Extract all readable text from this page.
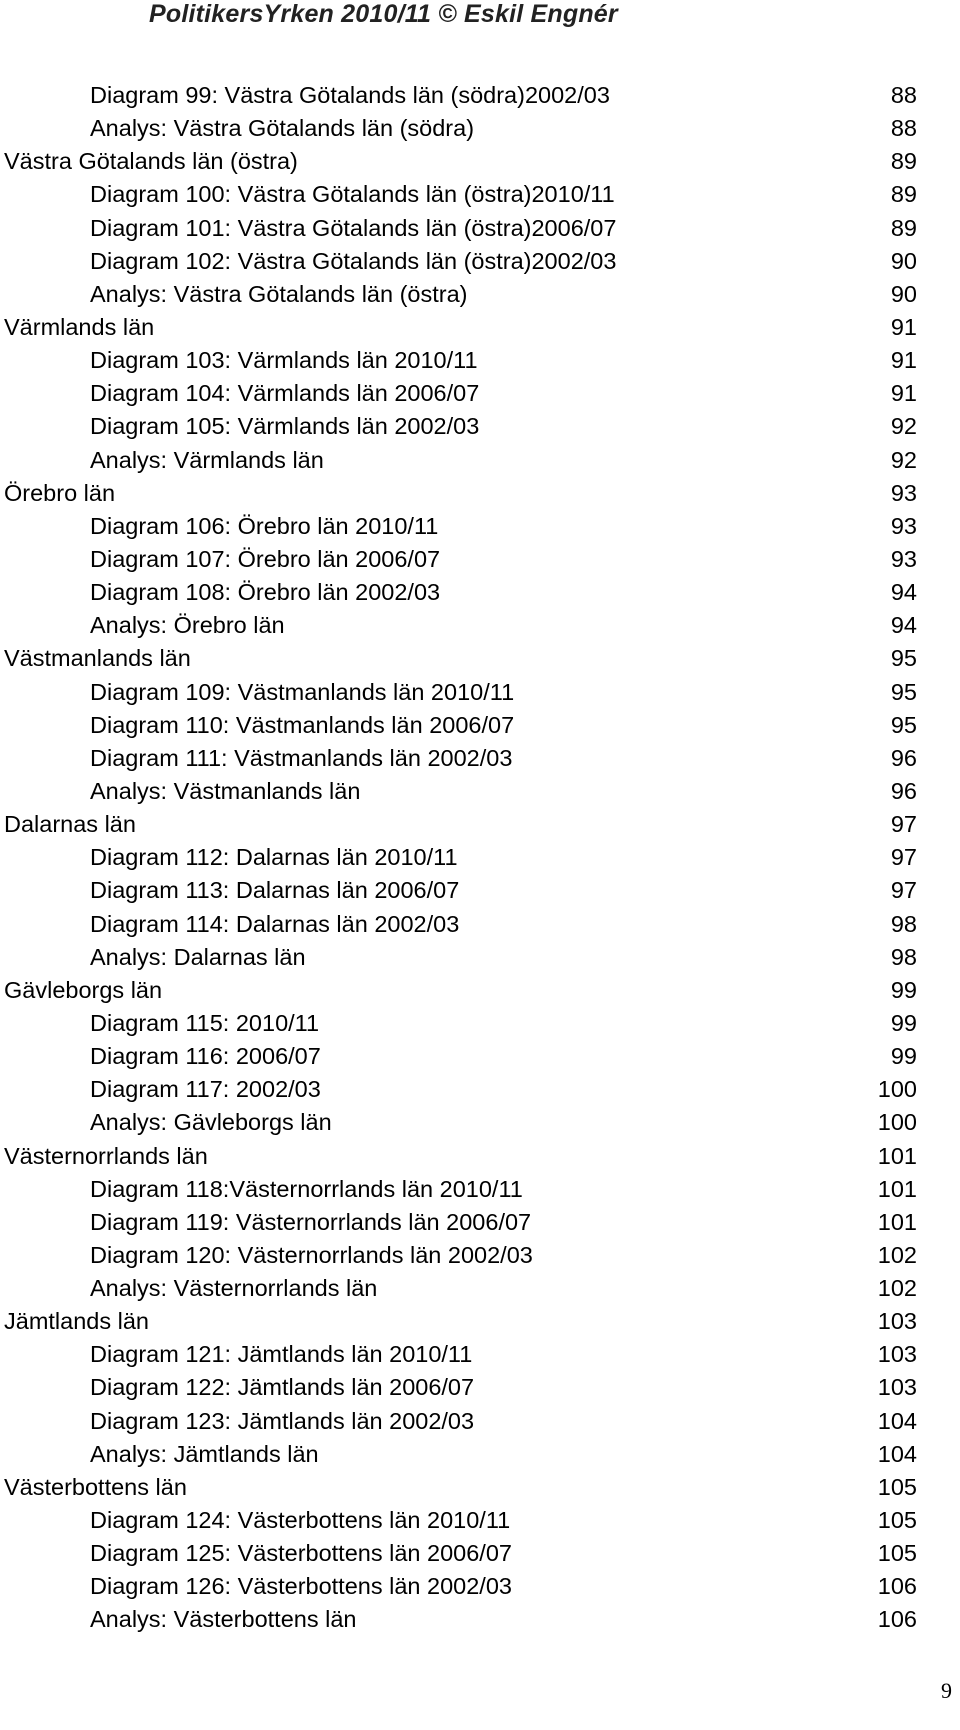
PolitikersYrken 2010/11 © Eskil Engnér
Diagram 99: Västra Götalands län (södra)2002/03	88
Analys: Västra Götalands län (södra)	88
Västra Götalands län (östra)	89
Diagram 100: Västra Götalands län (östra)2010/11	89
Diagram 101: Västra Götalands län (östra)2006/07	89
Diagram 102: Västra Götalands län (östra)2002/03	90
Analys: Västra Götalands län (östra)	90
Värmlands län	91
Diagram 103: Värmlands län 2010/11	91
Diagram 104: Värmlands län 2006/07	91
Diagram 105: Värmlands län 2002/03	92
Analys: Värmlands län	92
Örebro län	93
Diagram 106: Örebro län 2010/11	93
Diagram 107: Örebro län 2006/07	93
Diagram 108: Örebro län 2002/03	94
Analys: Örebro län	94
Västmanlands län	95
Diagram 109: Västmanlands län 2010/11	95
Diagram 110: Västmanlands län 2006/07	95
Diagram 111: Västmanlands län 2002/03	96
Analys: Västmanlands län	96
Dalarnas län	97
Diagram 112: Dalarnas län 2010/11	97
Diagram 113: Dalarnas län 2006/07	97
Diagram 114: Dalarnas län 2002/03	98
Analys: Dalarnas län	98
Gävleborgs län	99
Diagram 115: 2010/11	99
Diagram 116: 2006/07	99
Diagram 117: 2002/03	100
Analys: Gävleborgs län	100
Västernorrlands län	101
Diagram 118:Västernorrlands län 2010/11	101
Diagram 119: Västernorrlands län 2006/07	101
Diagram 120: Västernorrlands län 2002/03	102
Analys: Västernorrlands län	102
Jämtlands län	103
Diagram 121: Jämtlands län 2010/11	103
Diagram 122: Jämtlands län 2006/07	103
Diagram 123: Jämtlands län 2002/03	104
Analys: Jämtlands län	104
Västerbottens län	105
Diagram 124: Västerbottens län 2010/11	105
Diagram 125: Västerbottens län 2006/07	105
Diagram 126: Västerbottens län 2002/03	106
Analys: Västerbottens län	106
9
